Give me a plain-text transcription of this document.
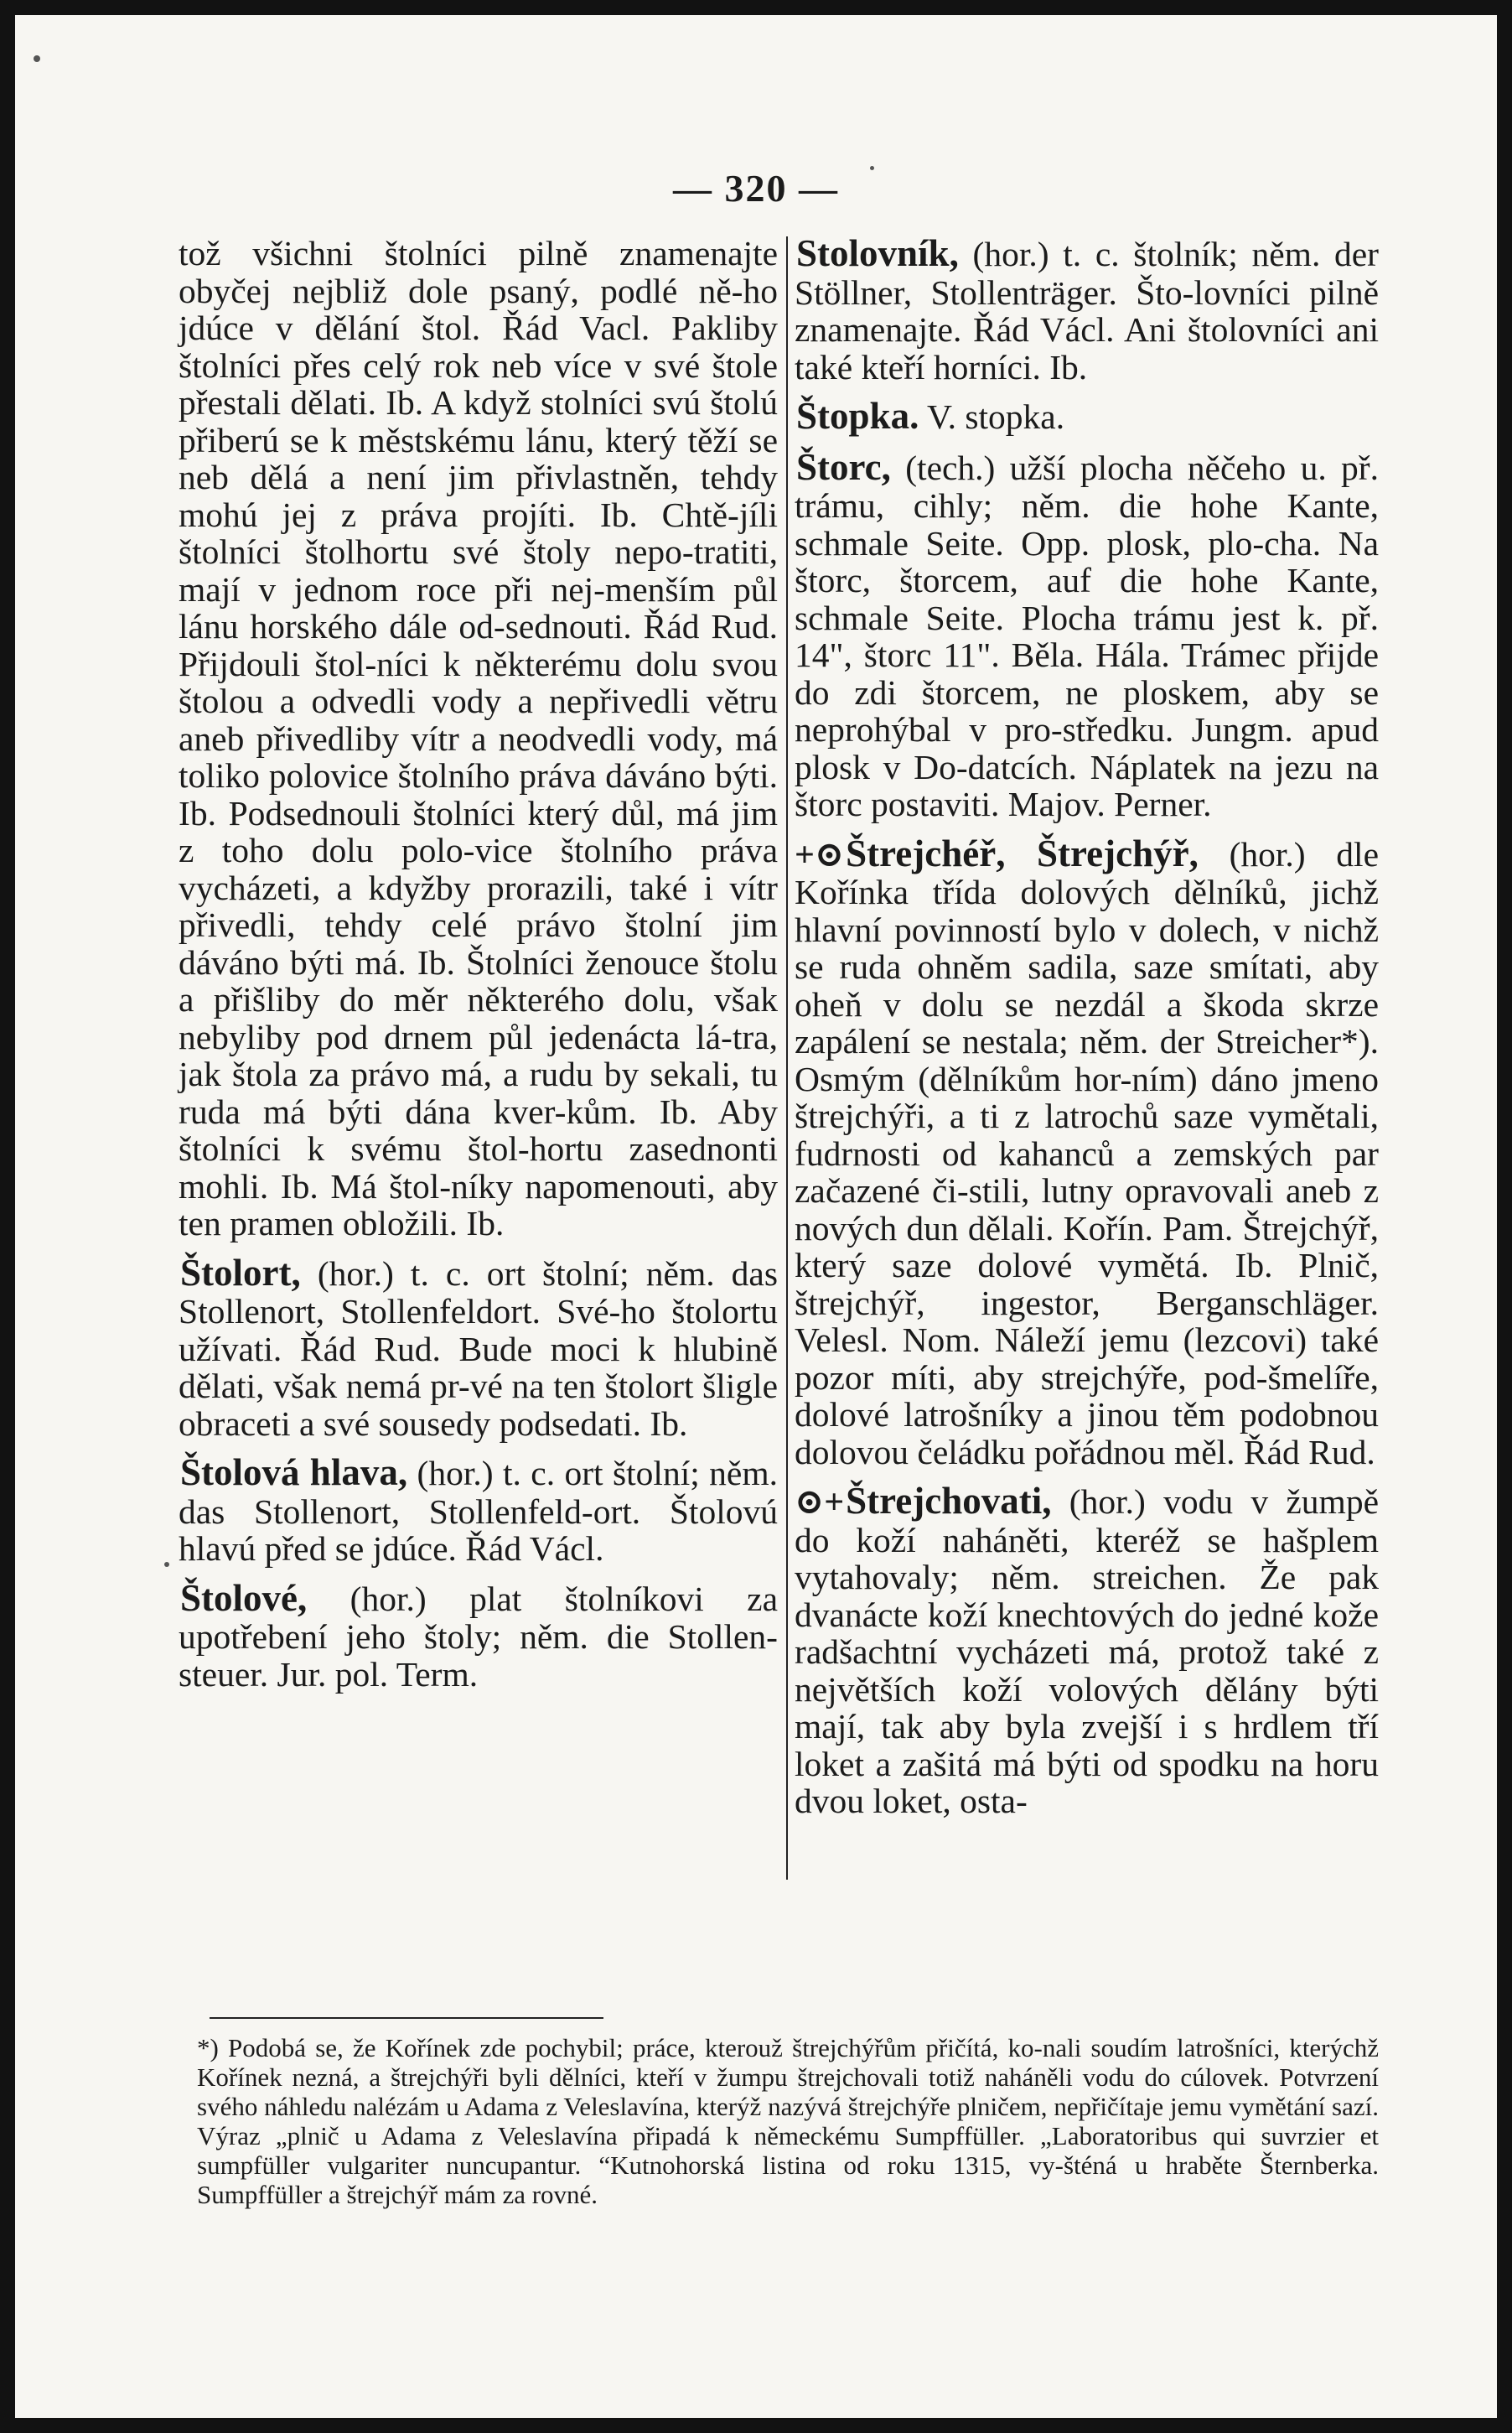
— 320 —

tož všichni štolníci pilně znamenajte obyčej nejbliž dole psaný, podlé ně-ho jdúce v dělání štol. Řád Vacl. Pakliby štolníci přes celý rok neb více v své štole přestali dělati. Ib. A když stolníci svú štolú přiberú se k městskému lánu, který těží se neb dělá a není jim přivlastněn, tehdy mohú jej z práva projíti. Ib. Chtě-jíli štolníci štolhortu své štoly nepo-tratiti, mají v jednom roce při nej-menším půl lánu horského dále od-sednouti. Řád Rud. Přijdouli štol-níci k některému dolu svou štolou a odvedli vody a nepřivedli větru aneb přivedliby vítr a neodvedli vody, má toliko polovice štolního práva dáváno býti. Ib. Podsednouli štolníci který důl, má jim z toho dolu polo-vice štolního práva vycházeti, a kdyžby prorazili, také i vítr přivedli, tehdy celé právo štolní jim dáváno býti má. Ib. Štolníci ženouce štolu a přišliby do měr některého dolu, však nebyliby pod drnem půl jedenácta lá-tra, jak štola za právo má, a rudu by sekali, tu ruda má býti dána kver-kům. Ib. Aby štolníci k svému štol-hortu zasednonti mohli. Ib. Má štol-níky napomenouti, aby ten pramen obložili. Ib.

Štolort, (hor.) t. c. ort štolní; něm. das Stollenort, Stollenfeldort. Své-ho štolortu užívati. Řád Rud. Bude moci k hlubině dělati, však nemá pr-vé na ten štolort šligle obraceti a své sousedy podsedati. Ib.

Štolová hlava, (hor.) t. c. ort štolní; něm. das Stollenort, Stollenfeld-ort. Štolovú hlavú před se jdúce. Řád Václ.

Štolové, (hor.) plat štolníkovi za upotřebení jeho štoly; něm. die Stollen-steuer. Jur. pol. Term.

Stolovník, (hor.) t. c. štolník; něm. der Stöllner, Stollenträger. Što-lovníci pilně znamenajte. Řád Václ. Ani štolovníci ani také kteří horníci. Ib.

Štopka. V. stopka.

Štorc, (tech.) užší plocha něčeho u. př. trámu, cihly; něm. die hohe Kante, schmale Seite. Opp. plosk, plo-cha. Na štorc, štorcem, auf die hohe Kante, schmale Seite. Plocha trámu jest k. př. 14", štorc 11". Běla. Hála. Trámec přijde do zdi štorcem, ne ploskem, aby se neprohýbal v pro-středku. Jungm. apud plosk v Do-datcích. Náplatek na jezu na štorc postaviti. Majov. Perner.

+⊙Štrejchéř, Štrejchýř, (hor.) dle Kořínka třída dolových dělníků, jichž hlavní povinností bylo v dolech, v nichž se ruda ohněm sadila, saze smítati, aby oheň v dolu se nezdál a škoda skrze zapálení se nestala; něm. der Streicher*). Osmým (dělníkům hor-ním) dáno jmeno štrejchýři, a ti z latrochů saze vymětali, fudrnosti od kahanců a zemských par začazené či-stili, lutny opravovali aneb z nových dun dělali. Kořín. Pam. Štrejchýř, který saze dolové vymětá. Ib. Plnič, štrejchýř, ingestor, Berganschläger. Velesl. Nom. Náleží jemu (lezcovi) také pozor míti, aby strejchýře, pod-šmelíře, dolové latrošníky a jinou těm podobnou dolovou čeládku pořádnou měl. Řád Rud.

⊙+Štrejchovati, (hor.) vodu v žumpě do koží naháněti, kteréž se hašplem vytahovaly; něm. streichen. Že pak dvanácte koží knechtových do jedné kože radšachtní vycházeti má, protož také z největších koží volových dělány býti mají, tak aby byla zvejší i s hrdlem tří loket a zašitá má býti od spodku na horu dvou loket, osta-

*) Podobá se, že Kořínek zde pochybil; práce, kterouž štrejchýřům přičítá, ko-nali soudím latrošníci, kterýchž Kořínek nezná, a štrejchýři byli dělníci, kteří v žumpu štrejchovali totiž naháněli vodu do cúlovek. Potvrzení svého náhledu nalézám u Adama z Veleslavína, kterýž nazývá štrejchýře plničem, nepřičítaje jemu vymětání sazí. Výraz „plnič u Adama z Veleslavína připadá k německému Sumpffüller. „Laboratoribus qui suvrzier et sumpfüller vulgariter nuncupantur. “Kutnohorská listina od roku 1315, vy-šténá u hraběte Šternberka. Sumpffüller a štrejchýř mám za rovné.
